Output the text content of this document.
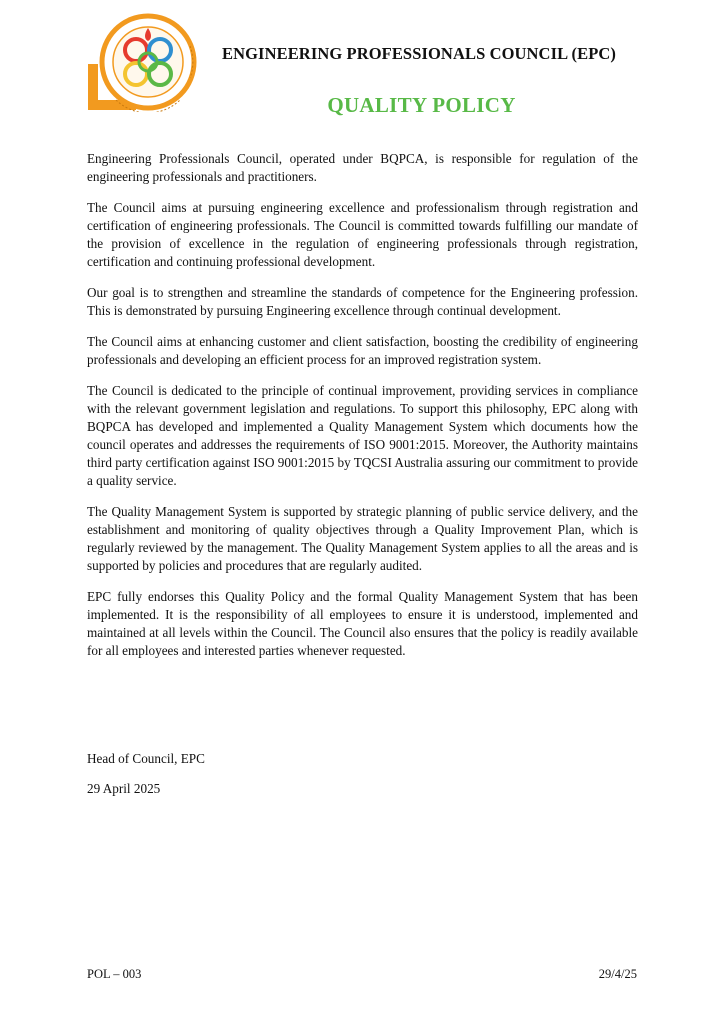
ENGINEERING PROFESSIONALS COUNCIL (EPC)
QUALITY POLICY

Engineering Professionals Council, operated under BQPCA, is responsible for regulation of the engineering professionals and practitioners.

The Council aims at pursuing engineering excellence and professionalism through registration and certification of engineering professionals. The Council is committed towards fulfilling our mandate of the provision of excellence in the regulation of engineering professionals through registration, certification and continuing professional development.

Our goal is to strengthen and streamline the standards of competence for the Engineering profession. This is demonstrated by pursuing Engineering excellence through continual development.

The Council aims at enhancing customer and client satisfaction, boosting the credibility of engineering professionals and developing an efficient process for an improved registration system.

The Council is dedicated to the principle of continual improvement, providing services in compliance with the relevant government legislation and regulations. To support this philosophy, EPC along with BQPCA has developed and implemented a Quality Management System which documents how the council operates and addresses the requirements of ISO 9001:2015. Moreover, the Authority maintains third party certification against ISO 9001:2015 by TQCSI Australia assuring our commitment to provide a quality service.

The Quality Management System is supported by strategic planning of public service delivery, and the establishment and monitoring of quality objectives through a Quality Improvement Plan, which is regularly reviewed by the management. The Quality Management System applies to all the areas and is supported by policies and procedures that are regularly audited.

EPC fully endorses this Quality Policy and the formal Quality Management System that has been implemented. It is the responsibility of all employees to ensure it is understood, implemented and maintained at all levels within the Council. The Council also ensures that the policy is readily available for all employees and interested parties whenever requested.

Head of Council, EPC
29 April 2025
POL – 003	29/4/25
